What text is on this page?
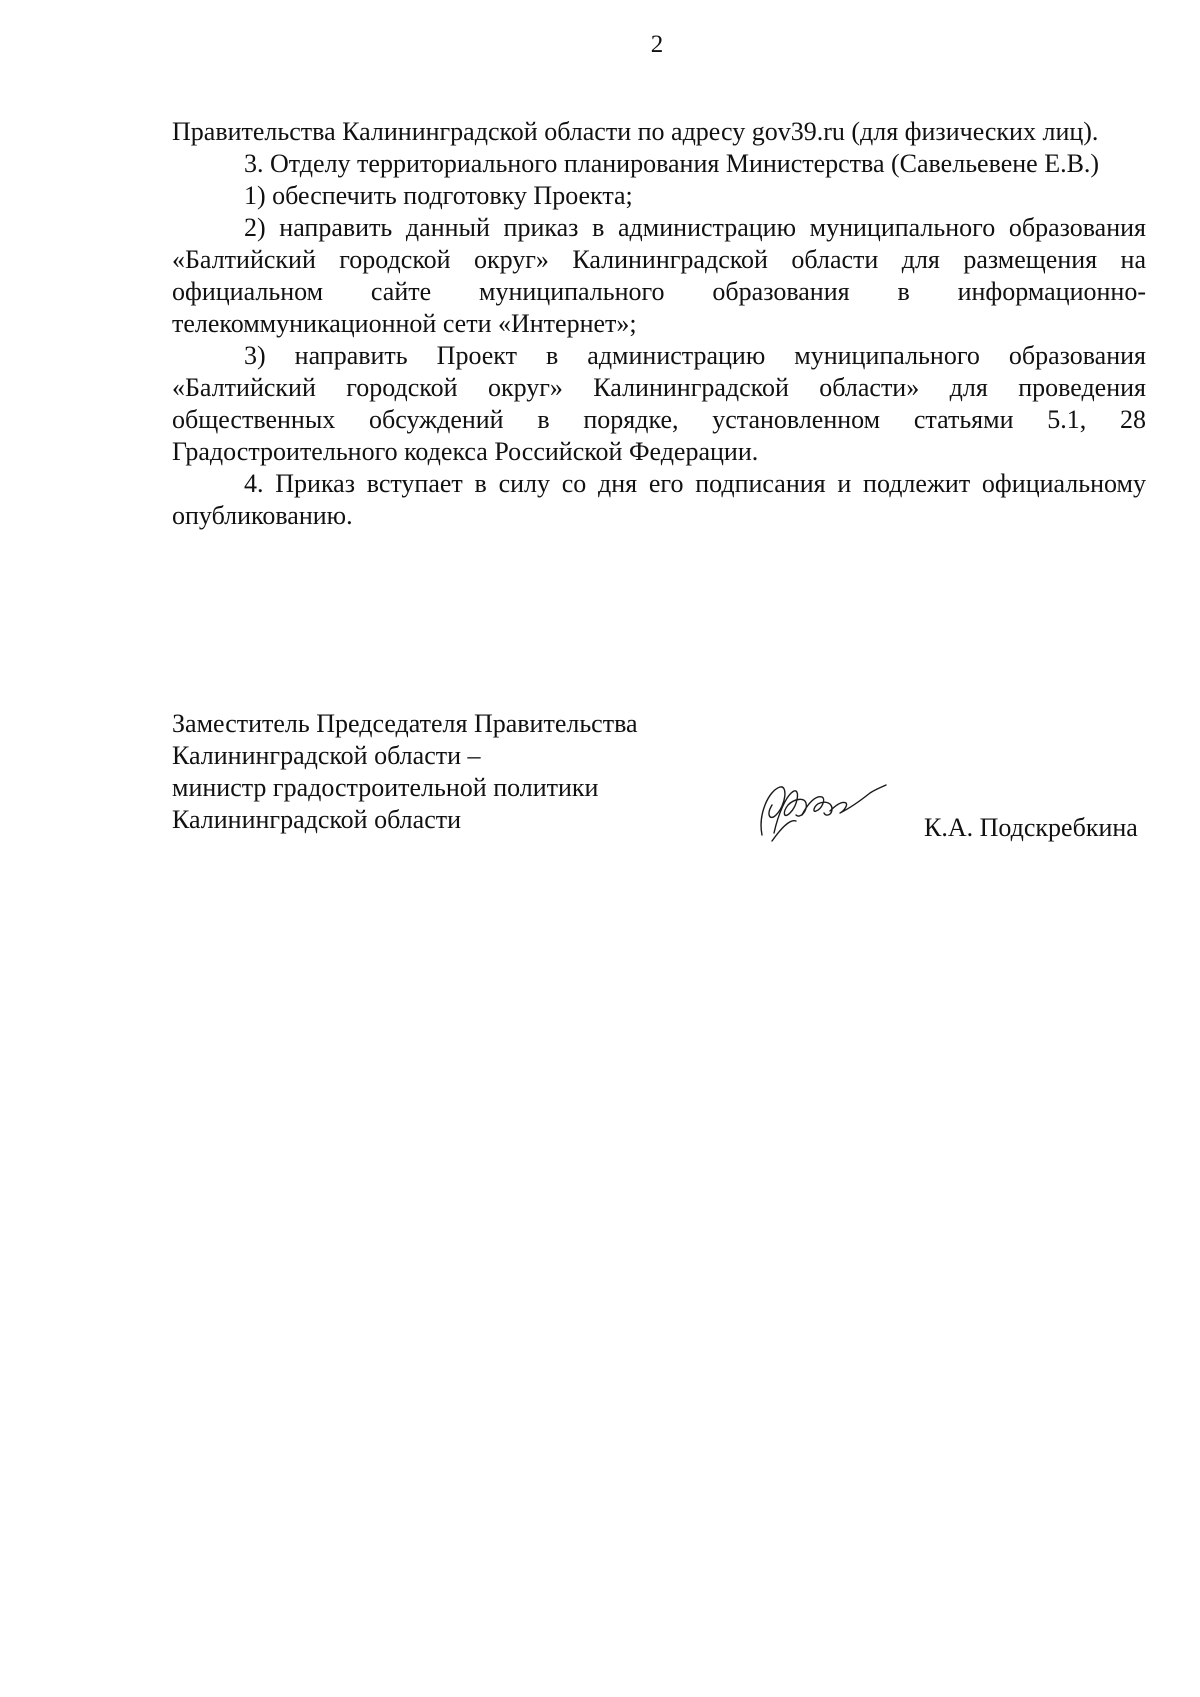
2

Правительства Калининградской области по адресу gov39.ru (для физических лиц).

3. Отделу территориального планирования Министерства (Савельевене Е.В.)

1) обеспечить подготовку Проекта;

2) направить данный приказ в администрацию муниципального образования «Балтийский городской округ» Калининградской области для размещения на официальном сайте муниципального образования в информационно-телекоммуникационной сети «Интернет»;

3) направить Проект в администрацию муниципального образования «Балтийский городской округ» Калининградской области» для проведения общественных обсуждений в порядке, установленном статьями 5.1, 28 Градостроительного кодекса Российской Федерации.

4. Приказ вступает в силу со дня его подписания и подлежит официальному опубликованию.

Заместитель Председателя Правительства
Калининградской области –
министр градостроительной политики
Калининградской области	К.А. Подскребкина
